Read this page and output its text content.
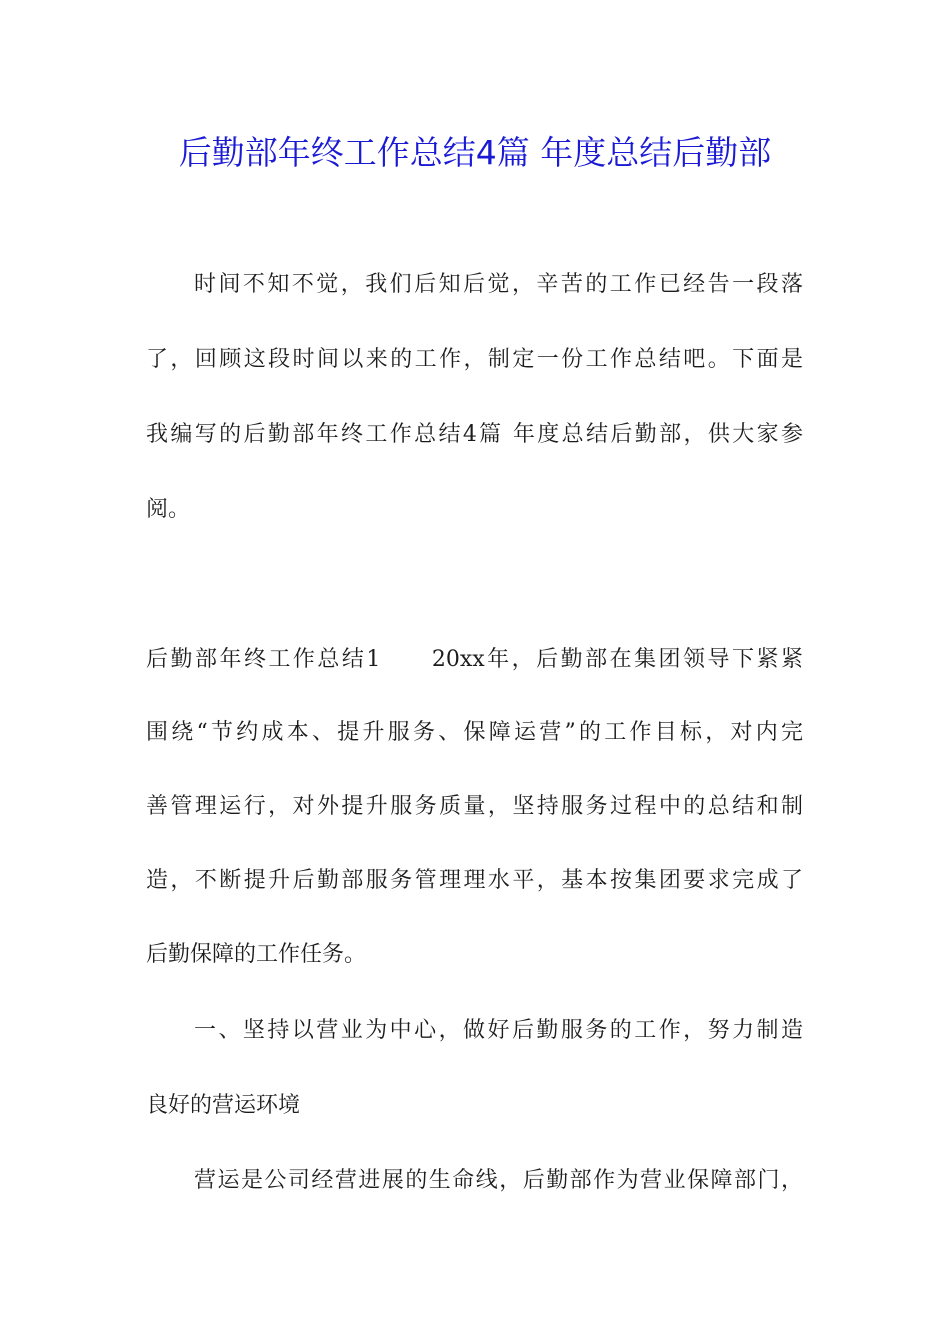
后勤部年终工作总结4篇 年度总结后勤部
时间不知不觉，我们后知后觉，辛苦的工作已经告一段落
了，回顾这段时间以来的工作，制定一份工作总结吧。下面是
我编写的后勤部年终工作总结4篇 年度总结后勤部，供大家参
阅。
后勤部年终工作总结1　　20xx年，后勤部在集团领导下紧紧
围绕“节约成本、提升服务、保障运营”的工作目标，对内完
善管理运行，对外提升服务质量，坚持服务过程中的总结和制
造，不断提升后勤部服务管理理水平，基本按集团要求完成了
后勤保障的工作任务。
一、坚持以营业为中心，做好后勤服务的工作，努力制造
良好的营运环境
营运是公司经营进展的生命线，后勤部作为营业保障部门，
